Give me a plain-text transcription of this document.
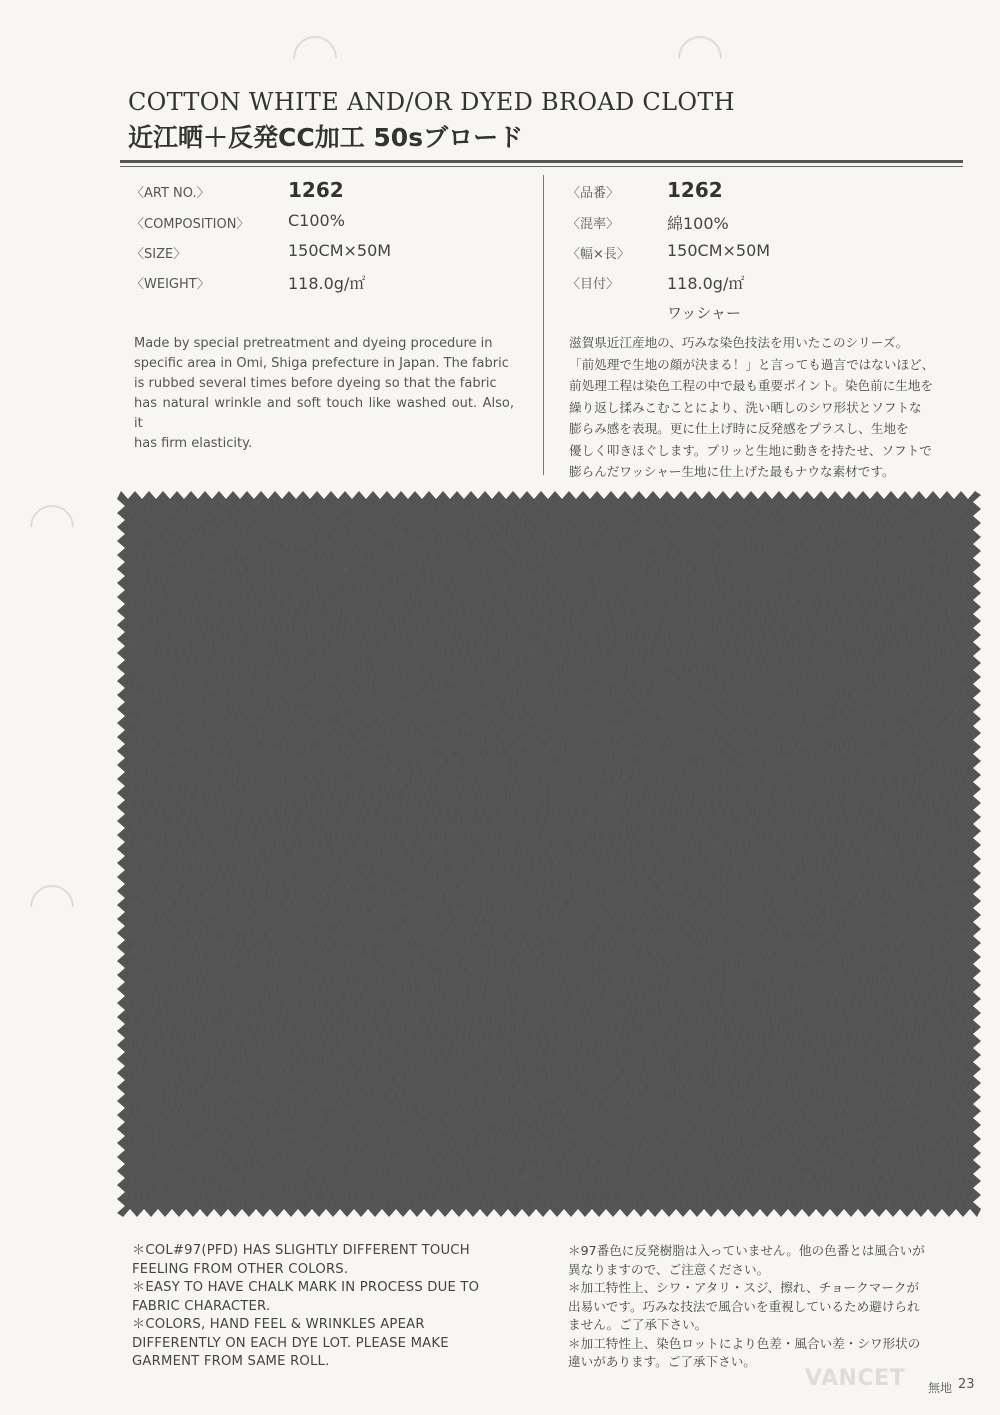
COTTON WHITE AND/OR DYED BROAD CLOTH
近江晒＋反発CC加工 50sブロード
〈ART NO.〉	1262
〈COMPOSITION〉 C100%
〈SIZE〉	150CM×50M
〈WEIGHT〉	118.0g/㎡
〈品番〉 1262
〈混率〉	綿100%
〈幅×長〉 150CM×50M
〈目付〉	118.0g/㎡
ワッシャー

Made by special pretreatment and dyeing procedure in

specific area in Omi, Shiga prefecture in Japan. The fabric

is rubbed several times before dyeing so that the fabric

has natural wrinkle and soft touch like washed out. Also, it

has firm elasticity.

滋賀県近江産地の、巧みな染色技法を用いたこのシリーズ。

「前処理で生地の顔が決まる！」と言っても過言ではないほど、

前処理工程は染色工程の中で最も重要ポイント。染色前に生地を

繰り返し揉みこむことにより、洗い晒しのシワ形状とソフトな

膨らみ感を表現。更に仕上げ時に反発感をプラスし、生地を

優しく叩きほぐします。プリッと生地に動きを持たせ、ソフトで

膨らんだワッシャー生地に仕上げた最もナウな素材です。

＊COL#97(PFD) HAS SLIGHTLY DIFFERENT TOUCH

FEELING FROM OTHER COLORS.

＊EASY TO HAVE CHALK MARK IN PROCESS DUE TO

FABRIC CHARACTER.

＊COLORS, HAND FEEL & WRINKLES APEAR

DIFFERENTLY ON EACH DYE LOT. PLEASE MAKE

GARMENT FROM SAME ROLL.

＊97番色に反発樹脂は入っていません。他の色番とは風合いが

異なりますので、ご注意ください。

＊加工特性上、シワ・アタリ・スジ、擦れ、チョークマークが

出易いです。巧みな技法で風合いを重視しているため避けられ

ません。ご了承下さい。

＊加工特性上、染色ロットにより色差・風合い差・シワ形状の

違いがあります。ご了承下さい。

VANCET 無地 23
